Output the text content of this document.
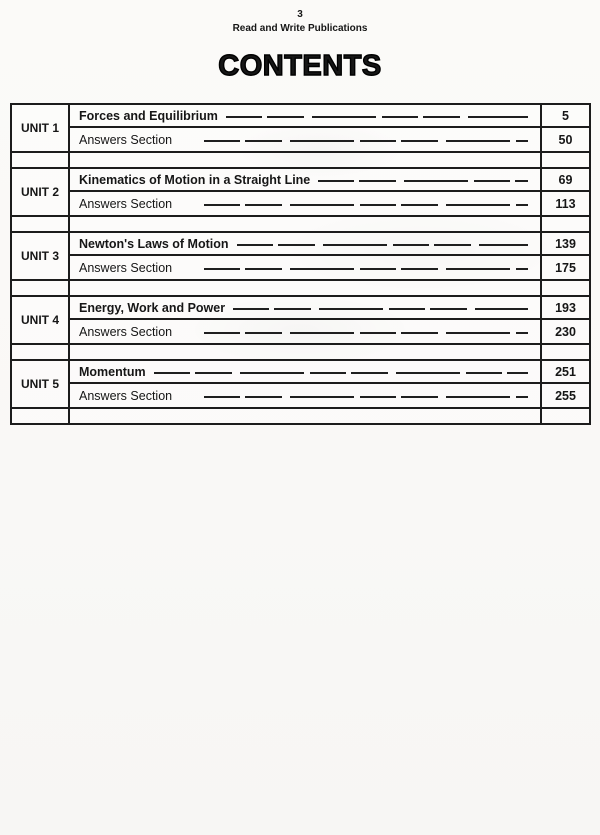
3
Read and Write Publications
CONTENTS
UNIT 1
Forces and Equilibrium	5
Answers Section	50
UNIT 2
Kinematics of Motion in a Straight Line	69
Answers Section	113
UNIT 3
Newton's Laws of Motion	139
Answers Section	175
UNIT 4
Energy, Work and Power	193
Answers Section	230
UNIT 5
Momentum	251
Answers Section	255
